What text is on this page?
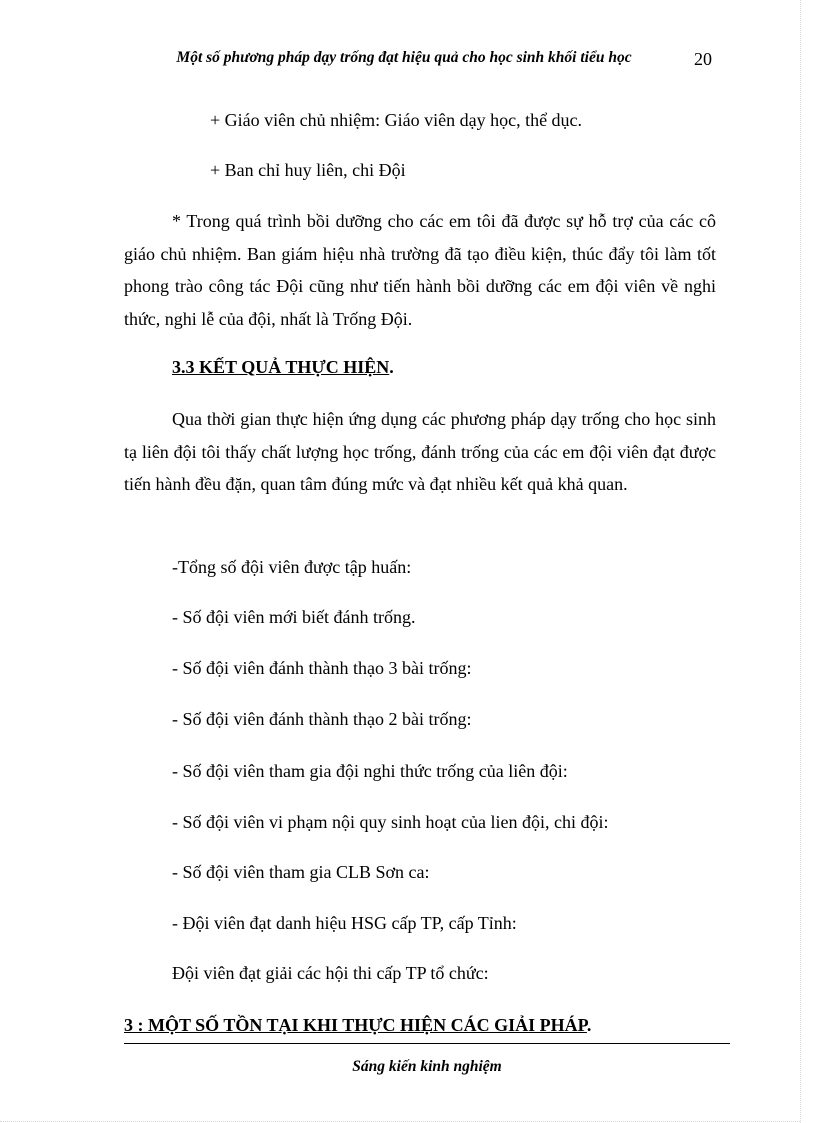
Một số phương pháp dạy trống đạt hiệu quả cho học sinh khối tiểu học	20
+ Giáo viên chủ nhiệm: Giáo viên dạy học, thể dục.
+ Ban chỉ huy liên, chi Đội
* Trong quá trình bồi dưỡng cho các em tôi đã được sự hỗ trợ của các cô giáo chủ nhiệm. Ban giám hiệu nhà trường đã tạo điều kiện, thúc đẩy tôi làm tốt phong trào công tác Đội cũng như tiến hành bồi dưỡng các em đội viên về nghi thức, nghi lễ của đội, nhất là Trống Đội.
3.3 KẾT QUẢ THỰC HIỆN.
Qua thời gian thực hiện ứng dụng các phương pháp dạy trống cho học sinh tạ liên đội tôi thấy chất lượng học trống, đánh trống của các em đội viên đạt được tiến hành đều đặn, quan tâm đúng mức và đạt nhiều kết quả khả quan.
-Tổng số đội viên được tập huấn:
- Số đội viên mới biết đánh trống.
- Số đội viên đánh thành thạo 3 bài trống:
- Số đội viên đánh thành thạo 2 bài trống:
- Số đội viên tham gia đội nghi thức trống của liên đội:
- Số đội viên vi phạm nội quy sinh hoạt của lien đội, chi đội:
- Số đội viên tham gia CLB Sơn ca:
- Đội viên đạt danh hiệu HSG cấp TP, cấp Tỉnh:
Đội viên đạt giải các hội thi cấp TP tổ chức:
3 : MỘT SỐ TỒN TẠI KHI THỰC HIỆN CÁC GIẢI PHÁP.
Sáng kiến kinh nghiệm
